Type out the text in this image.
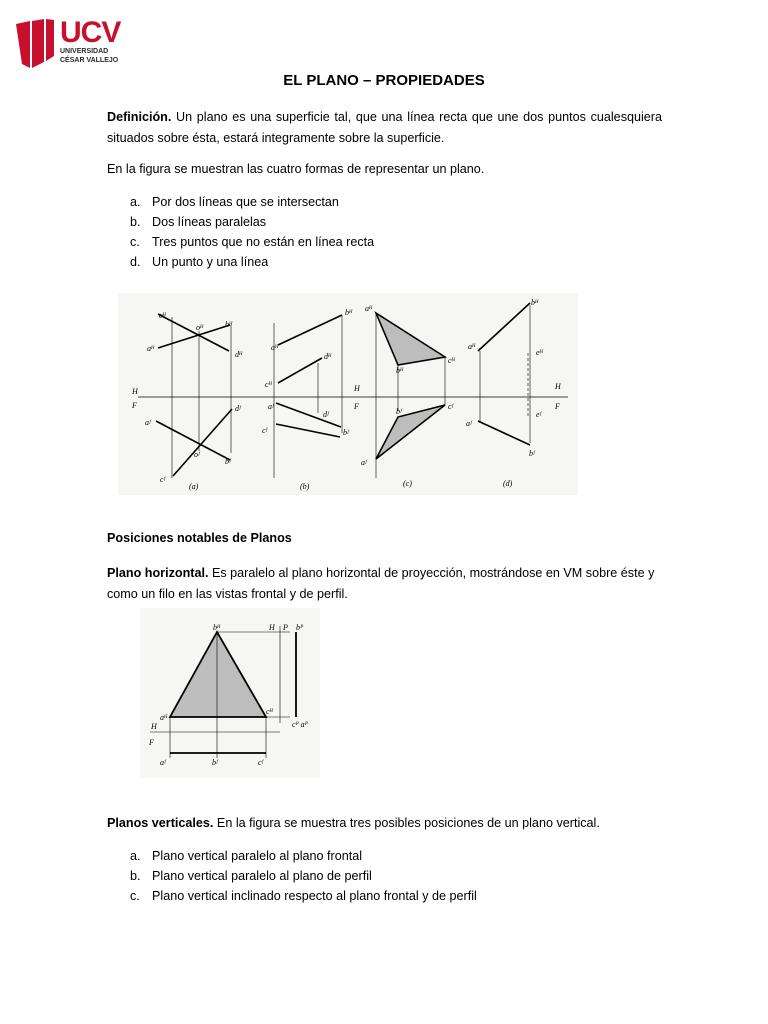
UCV
UNIVERSIDAD
CÉSAR VALLEJO
EL PLANO – PROPIEDADES
Definición. Un plano es una superficie tal, que una línea recta que une dos puntos cualesquiera situados sobre ésta, estará integramente sobre la superficie.
En la figura se muestran las cuatro formas de representar un plano.
a. Por dos líneas que se intersectan
b. Dos líneas paralelas
c. Tres puntos que no están en línea recta
d. Un punto y una línea
cᴴ
oᴴ	bᴴ
aᴴ
dᴴ
H
F	dᶠ
aᶠ
oᶠ
bᶠ
cᶠ
aᴴ
bᴴ
dᴴ
cᴴ
aᶠ
dᶠ
cᶠ	bᶠ
aᴴ
bᴴ
cᴴ
H
F
bᶠ
cᶠ
aᶠ
bᴴ
aᴴ
eᴴ
H
F
aᶠ
eᶠ
bᶠ
(a)	(b)	(c)	(d)
Posiciones notables de Planos
Plano horizontal. Es paralelo al plano horizontal de proyección, mostrándose en VM sobre éste y como un filo en las vistas frontal y de perfil.
bᴴ	H P bᴾ
aᴴ
cᴴ
cᴾ aᴾ
H
F
aᶠ	bᶠ	cᶠ
Planos verticales. En la figura se muestra tres posibles posiciones de un plano vertical.
a. Plano vertical paralelo al plano frontal
b. Plano vertical paralelo al plano de perfil
c. Plano vertical inclinado respecto al plano frontal y de perfil
